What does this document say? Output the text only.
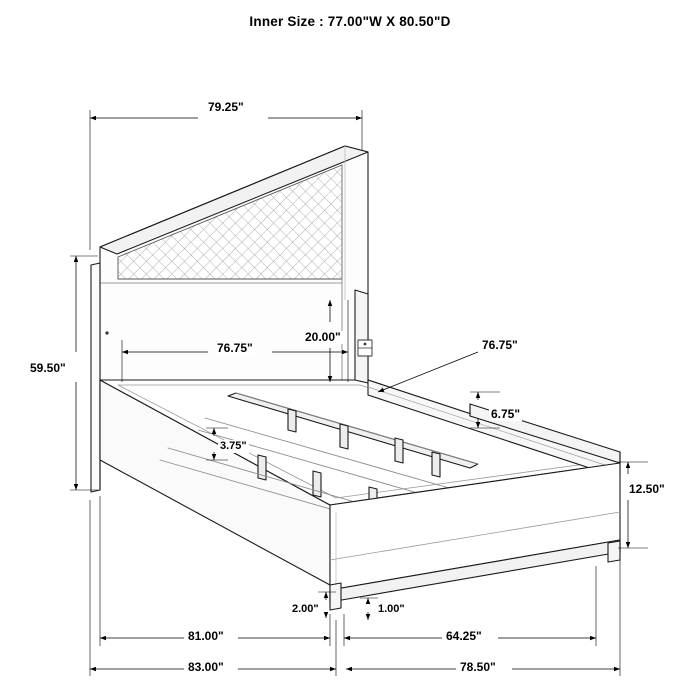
Inner Size : 77.00"W X 80.50"D
79.25"
59.50"
76.75"
20.00"
76.75"
6.75"
3.75"
12.50"
2.00"	1.00"
81.00"	64.25"
83.00"	78.50"
